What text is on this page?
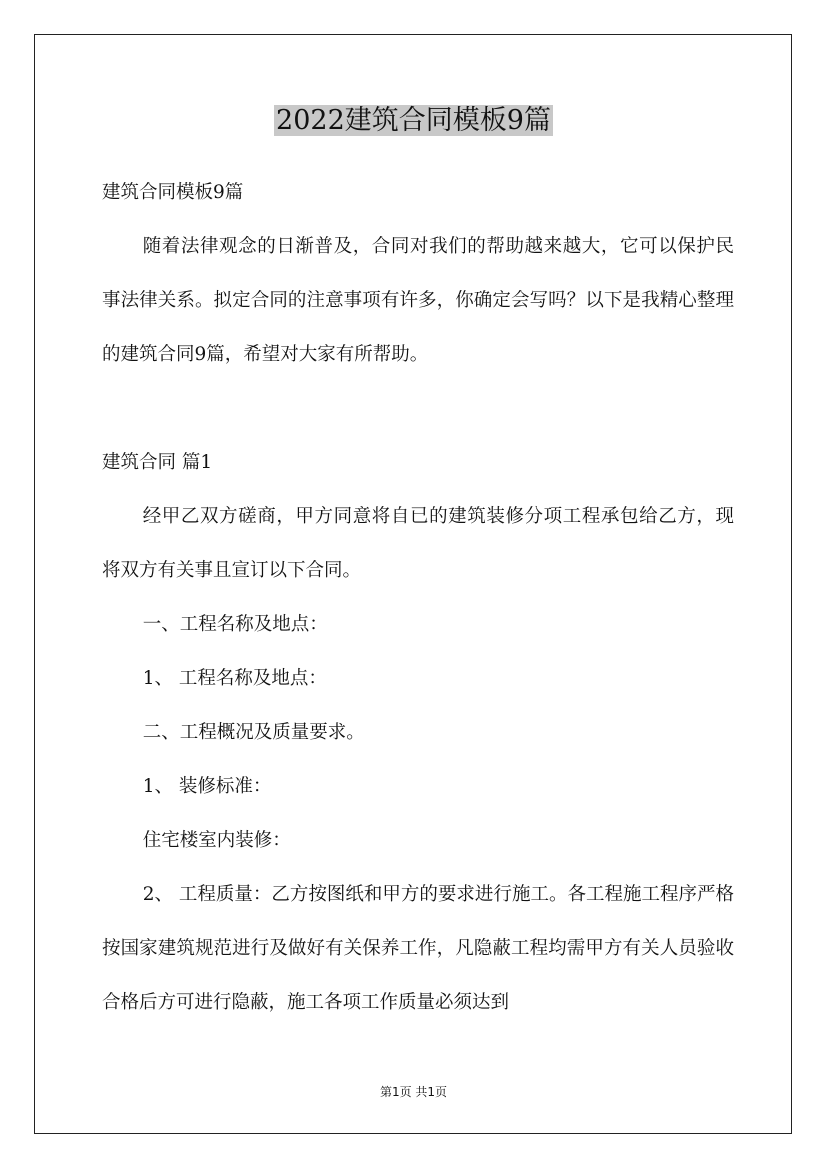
2022建筑合同模板9篇

建筑合同模板9篇

随着法律观念的日渐普及，合同对我们的帮助越来越大，它可以保护民事法律关系。拟定合同的注意事项有许多，你确定会写吗？以下是我精心整理的建筑合同9篇，希望对大家有所帮助。

建筑合同 篇1

经甲乙双方磋商，甲方同意将自已的建筑装修分项工程承包给乙方，现将双方有关事且宣订以下合同。

一、工程名称及地点：

1、 工程名称及地点：

二、工程概况及质量要求。

1、 装修标准：

住宅楼室内装修：

2、 工程质量：乙方按图纸和甲方的要求进行施工。各工程施工程序严格按国家建筑规范进行及做好有关保养工作，凡隐蔽工程均需甲方有关人员验收合格后方可进行隐蔽，施工各项工作质量必须达到

第1页 共1页
